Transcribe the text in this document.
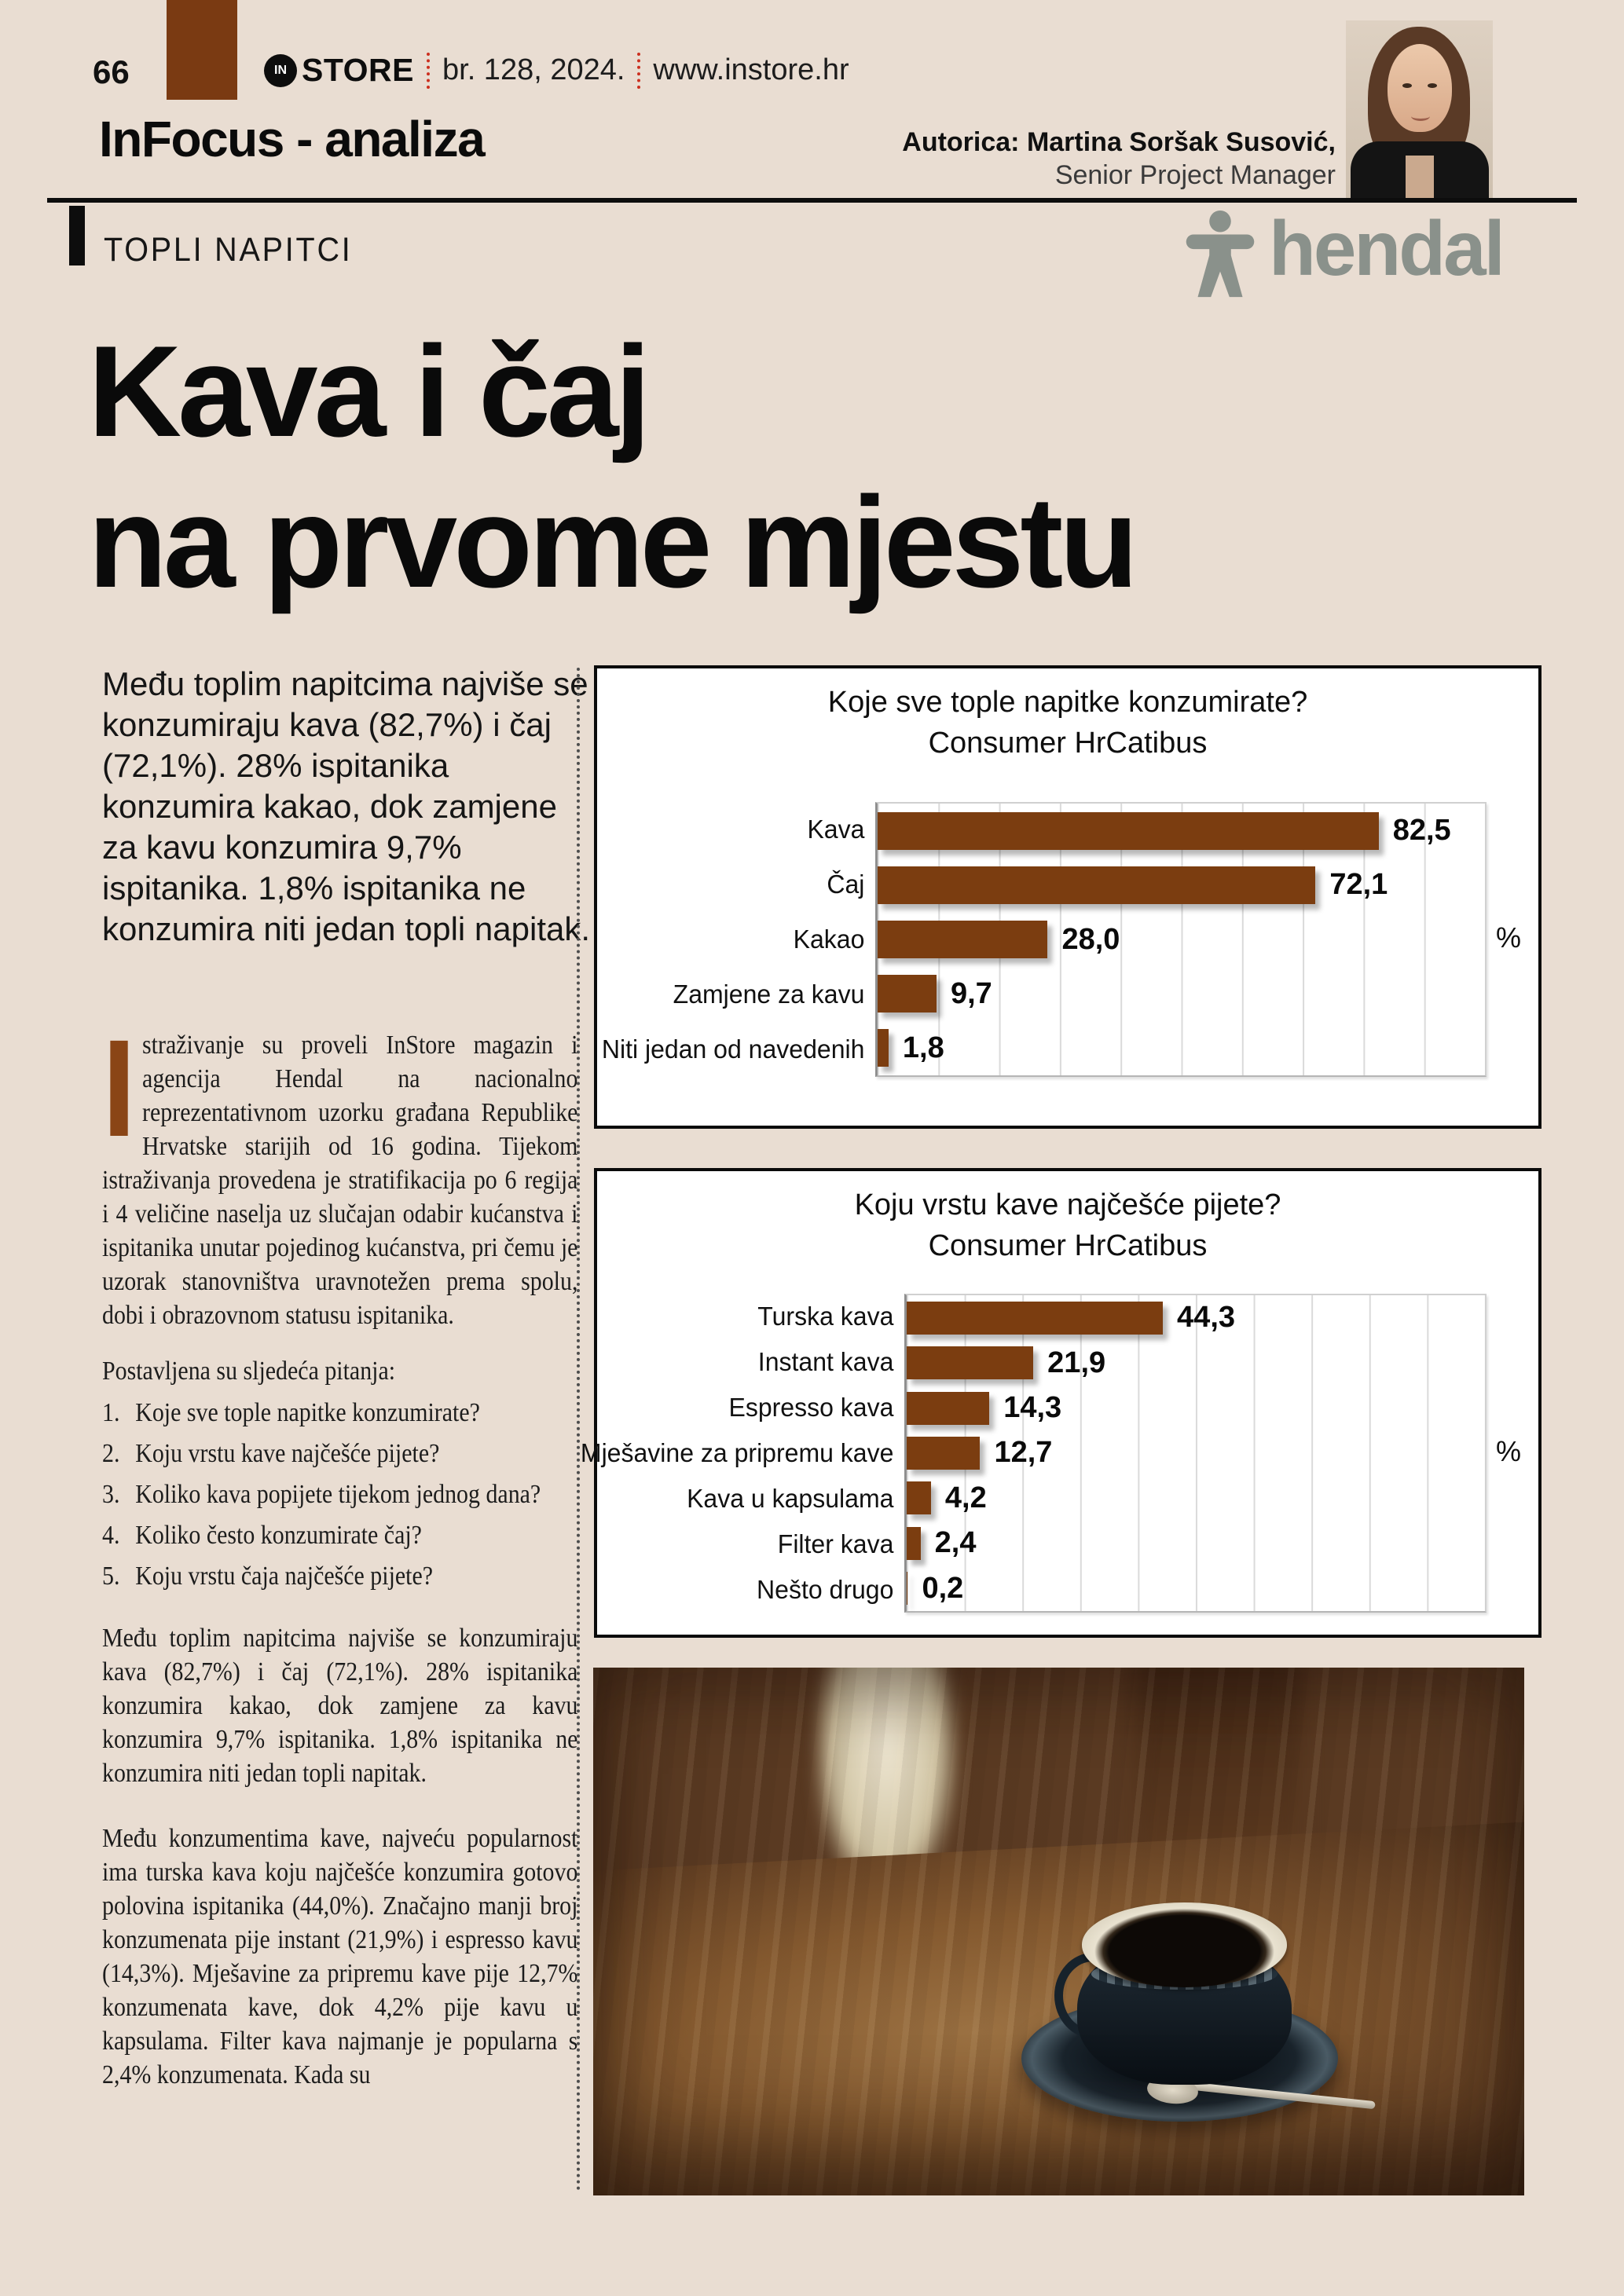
66	IN STORE br. 128, 2024. www.instore.hr
Autorica: Martina Soršak Susović,
Senior Project Manager
InFocus - analiza
TOPLI NAPITCI	hendal
Kava i čaj
na prvome mjestu
Među toplim napitcima najviše se konzumiraju kava (82,7%) i čaj (72,1%). 28% ispitanika konzumira kakao, dok zamjene za kavu konzumira 9,7% ispitanika. 1,8% ispitanika ne konzumira niti jedan topli napitak.
Istraživanje su proveli InStore magazin i agencija Hendal na nacionalno reprezentativnom uzorku građana Republike Hrvatske starijih od 16 godina. Tijekom istraživanja provedena je stratifikacija po 6 regija i 4 veličine naselja uz slučajan odabir kućanstva i ispitanika unutar pojedinog kućanstva, pri čemu je uzorak stanovništva uravnotežen prema spolu, dobi i obrazovnom statusu ispitanika.

Postavljena su sljedeća pitanja:

1. Koje sve tople napitke konzumirate?
2. Koju vrstu kave najčešće pijete?
3. Koliko kava popijete tijekom jednog dana?
4. Koliko često konzumirate čaj?
5. Koju vrstu čaja najčešće pijete?
Među toplim napitcima najviše se konzumiraju kava (82,7%) i čaj (72,1%). 28% ispitanika konzumira kakao, dok zamjene za kavu konzumira 9,7% ispitanika. 1,8% ispitanika ne konzumira niti jedan topli napitak.
Među konzumentima kave, najveću popularnost ima turska kava koju najčešće konzumira gotovo polovina ispitanika (44,0%). Značajno manji broj konzumenata pije instant (21,9%) i espresso kavu (14,3%). Mješavine za pripremu kave pije 12,7% konzumenata kave, dok 4,2% pije kavu u kapsulama. Filter kava najmanje je popularna s 2,4% konzumenata. Kada su
Koje sve tople napitke konzumirate?
Consumer HrCatibus
Kava
Čaj
Kakao
Zamjene za kavu
Niti jedan od navedenih
82,5
72,1
28,0
9,7
1,8
%
Koju vrstu kave najčešće pijete?
Consumer HrCatibus
Turska kava
Instant kava
Espresso kava
Mješavine za pripremu kave
Kava u kapsulama
Filter kava
Nešto drugo
44,3
21,9
14,3
12,7
4,2
2,4
0,2
%
